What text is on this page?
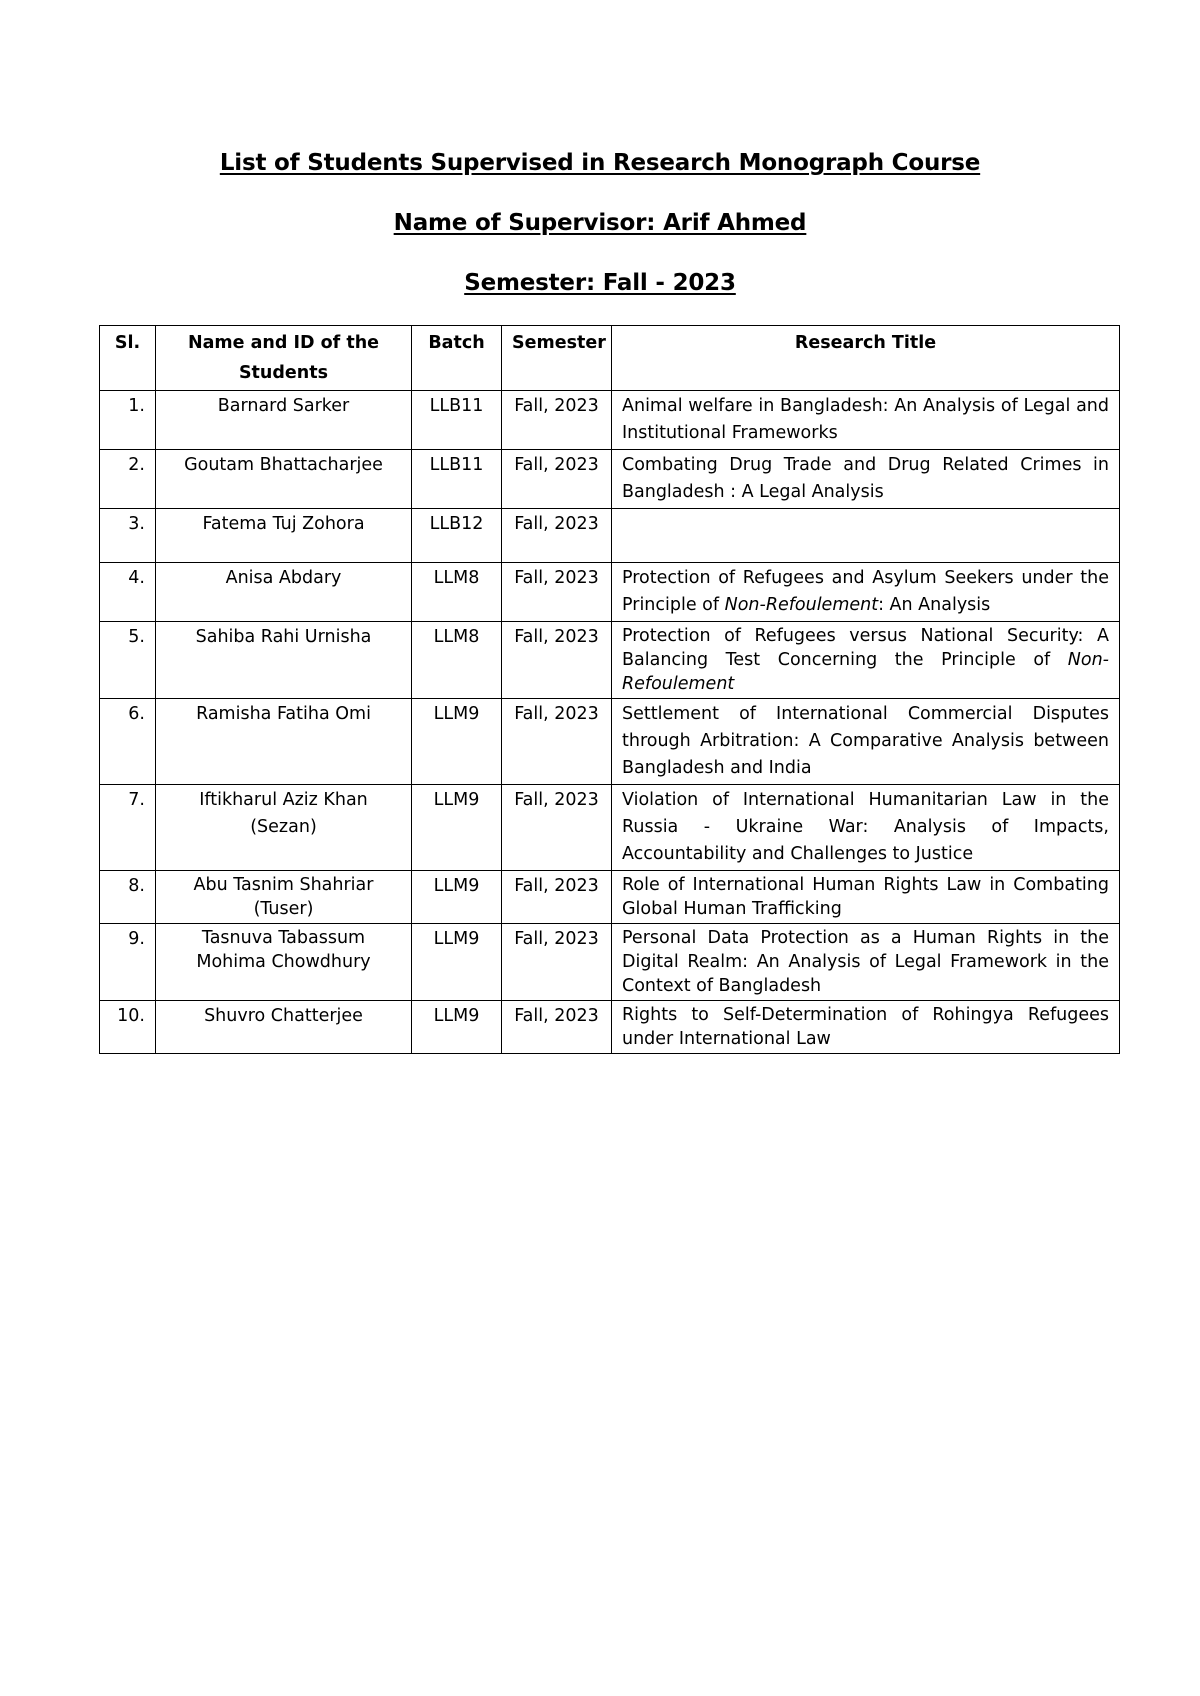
List of Students Supervised in Research Monograph Course
Name of Supervisor: Arif Ahmed
Semester: Fall - 2023
Sl.	Name and ID of the Students	Batch	Semester	Research Title
1.	Barnard Sarker	LLB11	Fall, 2023	Animal welfare in Bangladesh: An Analysis of Legal and Institutional Frameworks
2.	Goutam Bhattacharjee	LLB11	Fall, 2023	Combating Drug Trade and Drug Related Crimes in Bangladesh : A Legal Analysis
3.	Fatema Tuj Zohora	LLB12	Fall, 2023	
4.	Anisa Abdary	LLM8	Fall, 2023	Protection of Refugees and Asylum Seekers under the Principle of Non-Refoulement: An Analysis
5.	Sahiba Rahi Urnisha	LLM8	Fall, 2023	Protection of Refugees versus National Security: A Balancing Test Concerning the Principle of Non-Refoulement
6.	Ramisha Fatiha Omi	LLM9	Fall, 2023	Settlement of International Commercial Disputes through Arbitration: A Comparative Analysis between Bangladesh and India
7.	Iftikharul Aziz Khan (Sezan)	LLM9	Fall, 2023	Violation of International Humanitarian Law in the Russia - Ukraine War: Analysis of Impacts, Accountability and Challenges to Justice
8.	Abu Tasnim Shahriar (Tuser)	LLM9	Fall, 2023	Role of International Human Rights Law in Combating Global Human Trafficking
9.	Tasnuva Tabassum Mohima Chowdhury	LLM9	Fall, 2023	Personal Data Protection as a Human Rights in the Digital Realm: An Analysis of Legal Framework in the Context of Bangladesh
10.	Shuvro Chatterjee	LLM9	Fall, 2023	Rights to Self-Determination of Rohingya Refugees under International Law
